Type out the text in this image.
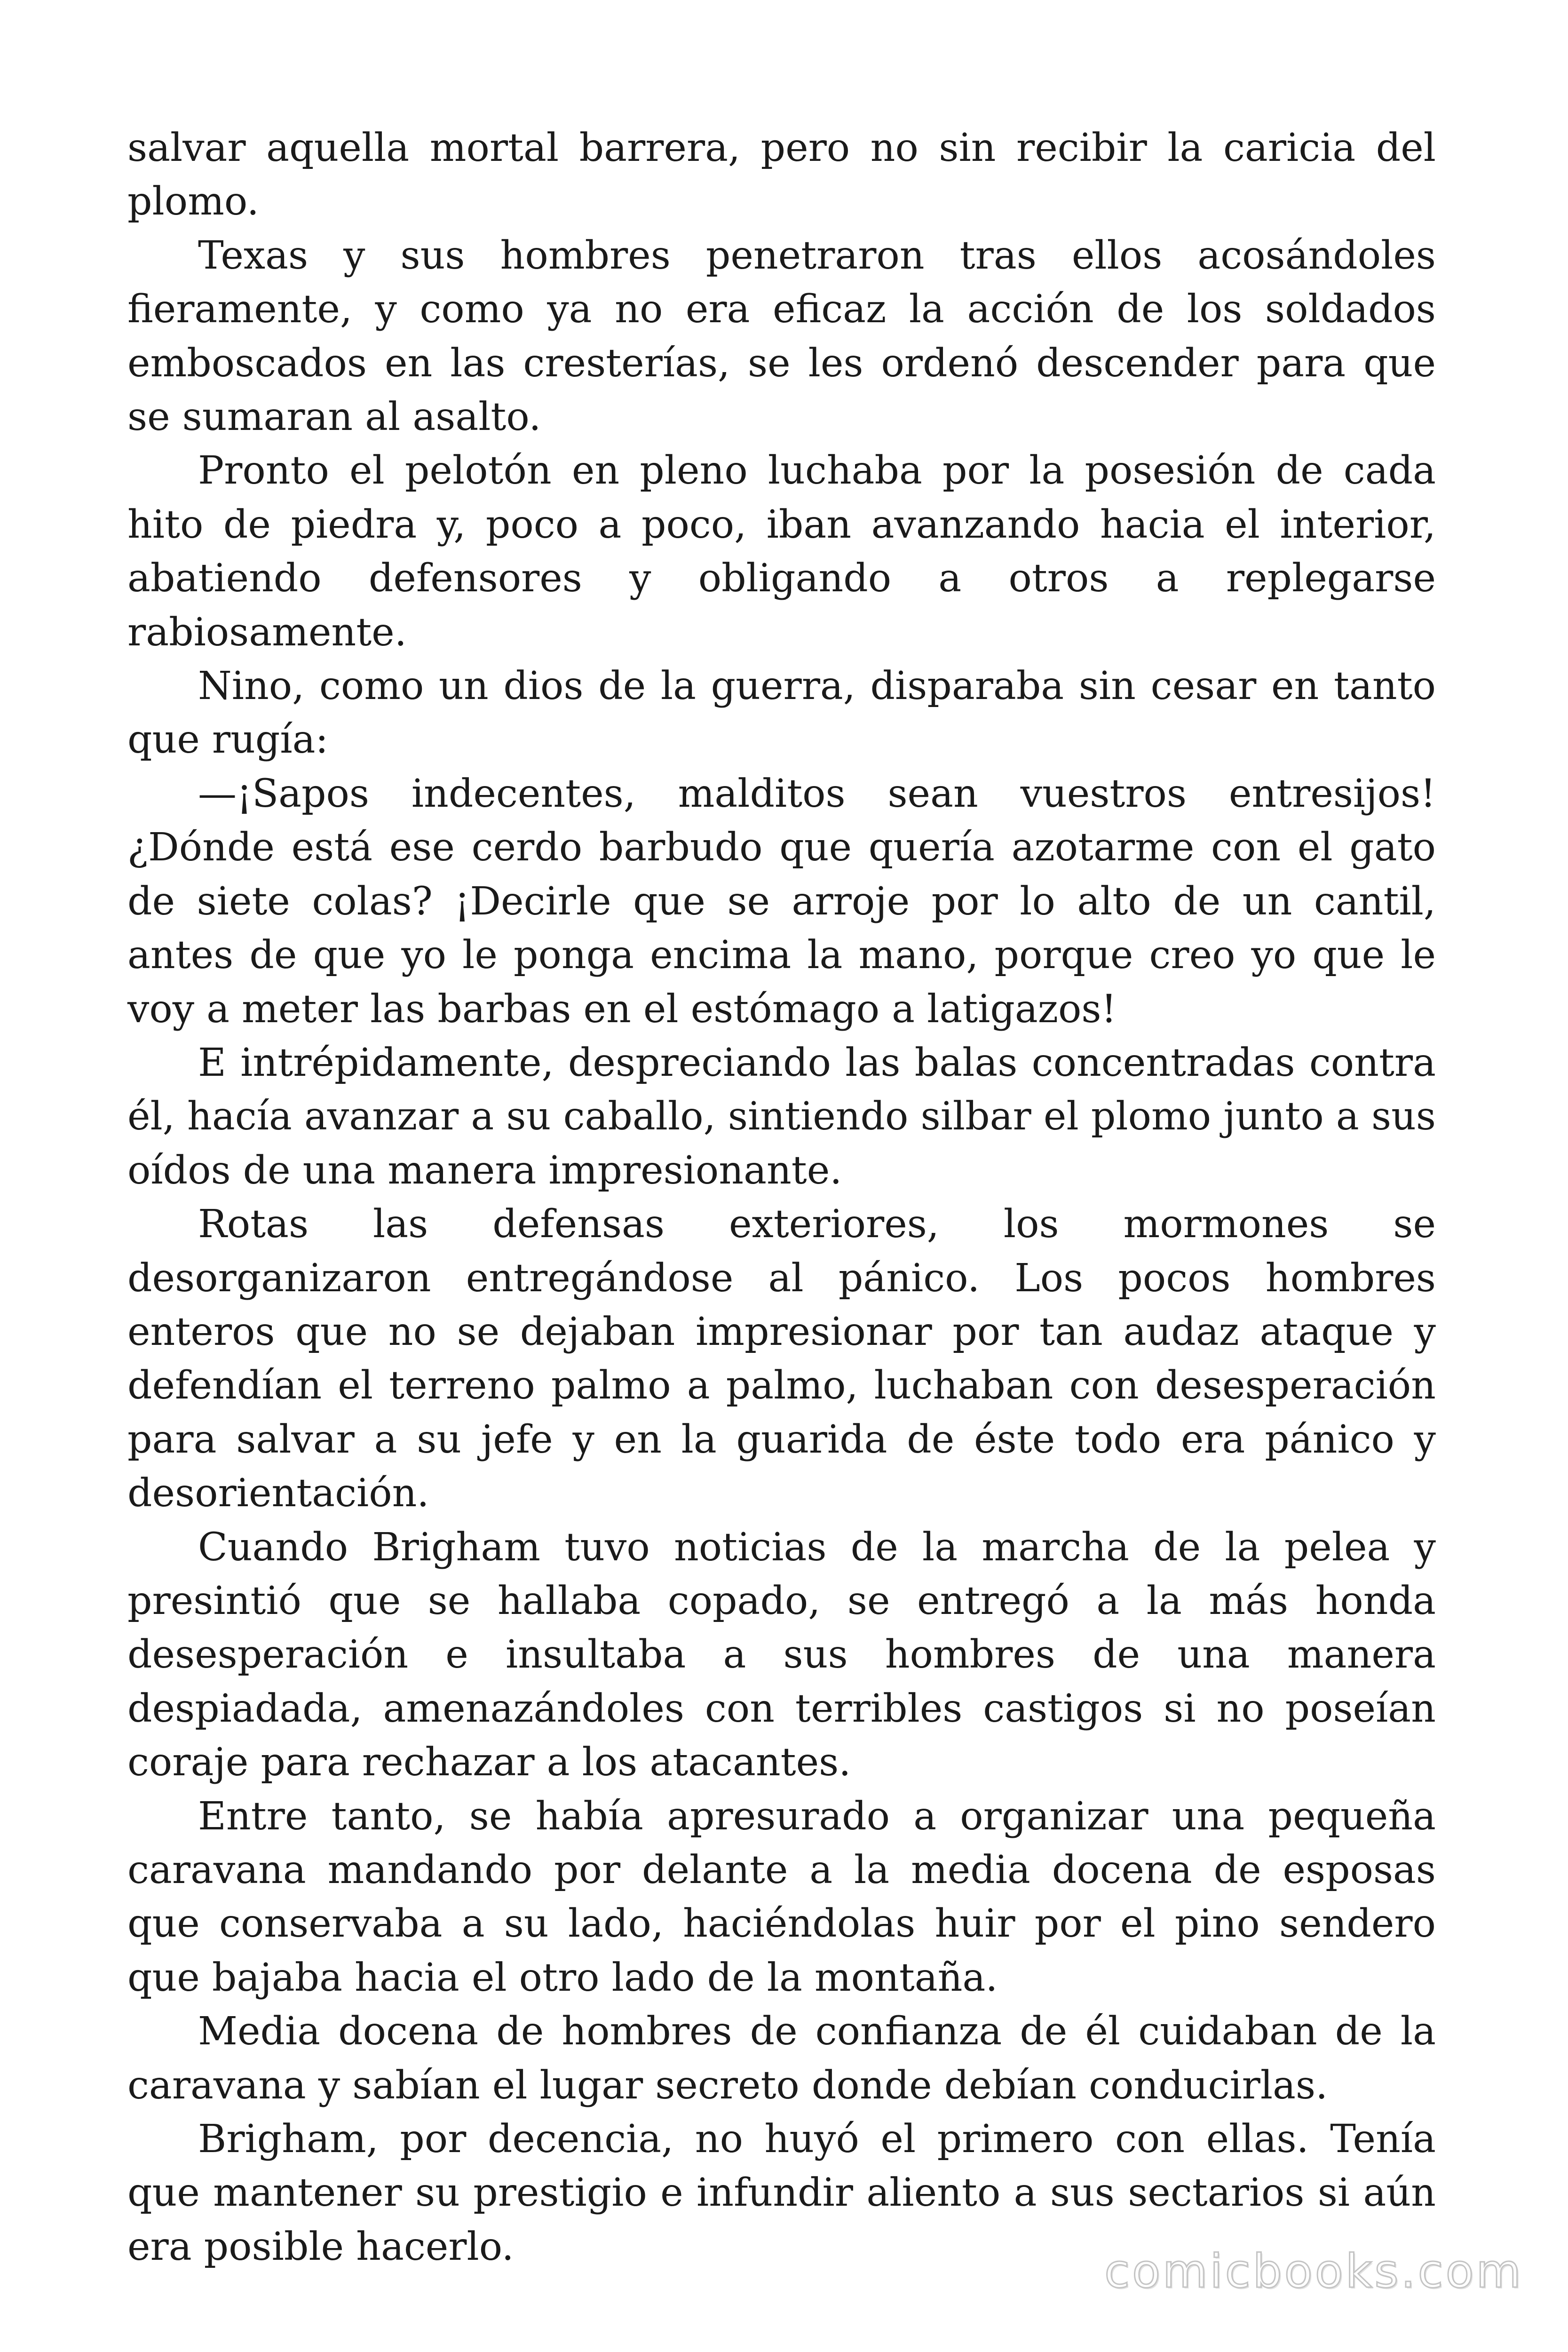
salvar aquella mortal barrera, pero no sin recibir la caricia del plomo.

Texas y sus hombres penetraron tras ellos acosándoles fieramente, y como ya no era eficaz la acción de los soldados emboscados en las cresterías, se les ordenó descender para que se sumaran al asalto.

Pronto el pelotón en pleno luchaba por la posesión de cada hito de piedra y, poco a poco, iban avanzando hacia el interior, abatiendo defensores y obligando a otros a replegarse rabiosamente.

Nino, como un dios de la guerra, disparaba sin cesar en tanto que rugía:

—¡Sapos indecentes, malditos sean vuestros entresijos! ¿Dónde está ese cerdo barbudo que quería azotarme con el gato de siete colas? ¡Decirle que se arroje por lo alto de un cantil, antes de que yo le ponga encima la mano, porque creo yo que le voy a meter las barbas en el estómago a latigazos!

E intrépidamente, despreciando las balas concentradas contra él, hacía avanzar a su caballo, sintiendo silbar el plomo junto a sus oídos de una manera impresionante.

Rotas las defensas exteriores, los mormones se desorganizaron entregándose al pánico. Los pocos hombres enteros que no se dejaban impresionar por tan audaz ataque y defendían el terreno palmo a palmo, luchaban con desesperación para salvar a su jefe y en la guarida de éste todo era pánico y desorientación.

Cuando Brigham tuvo noticias de la marcha de la pelea y presintió que se hallaba copado, se entregó a la más honda desesperación e insultaba a sus hombres de una manera despiadada, amenazándoles con terribles castigos si no poseían coraje para rechazar a los atacantes.

Entre tanto, se había apresurado a organizar una pequeña caravana mandando por delante a la media docena de esposas que conservaba a su lado, haciéndolas huir por el pino sendero que bajaba hacia el otro lado de la montaña.

Media docena de hombres de confianza de él cuidaban de la caravana y sabían el lugar secreto donde debían conducirlas.

Brigham, por decencia, no huyó el primero con ellas. Tenía que mantener su prestigio e infundir aliento a sus sectarios si aún era posible hacerlo.	comicbooks.com
